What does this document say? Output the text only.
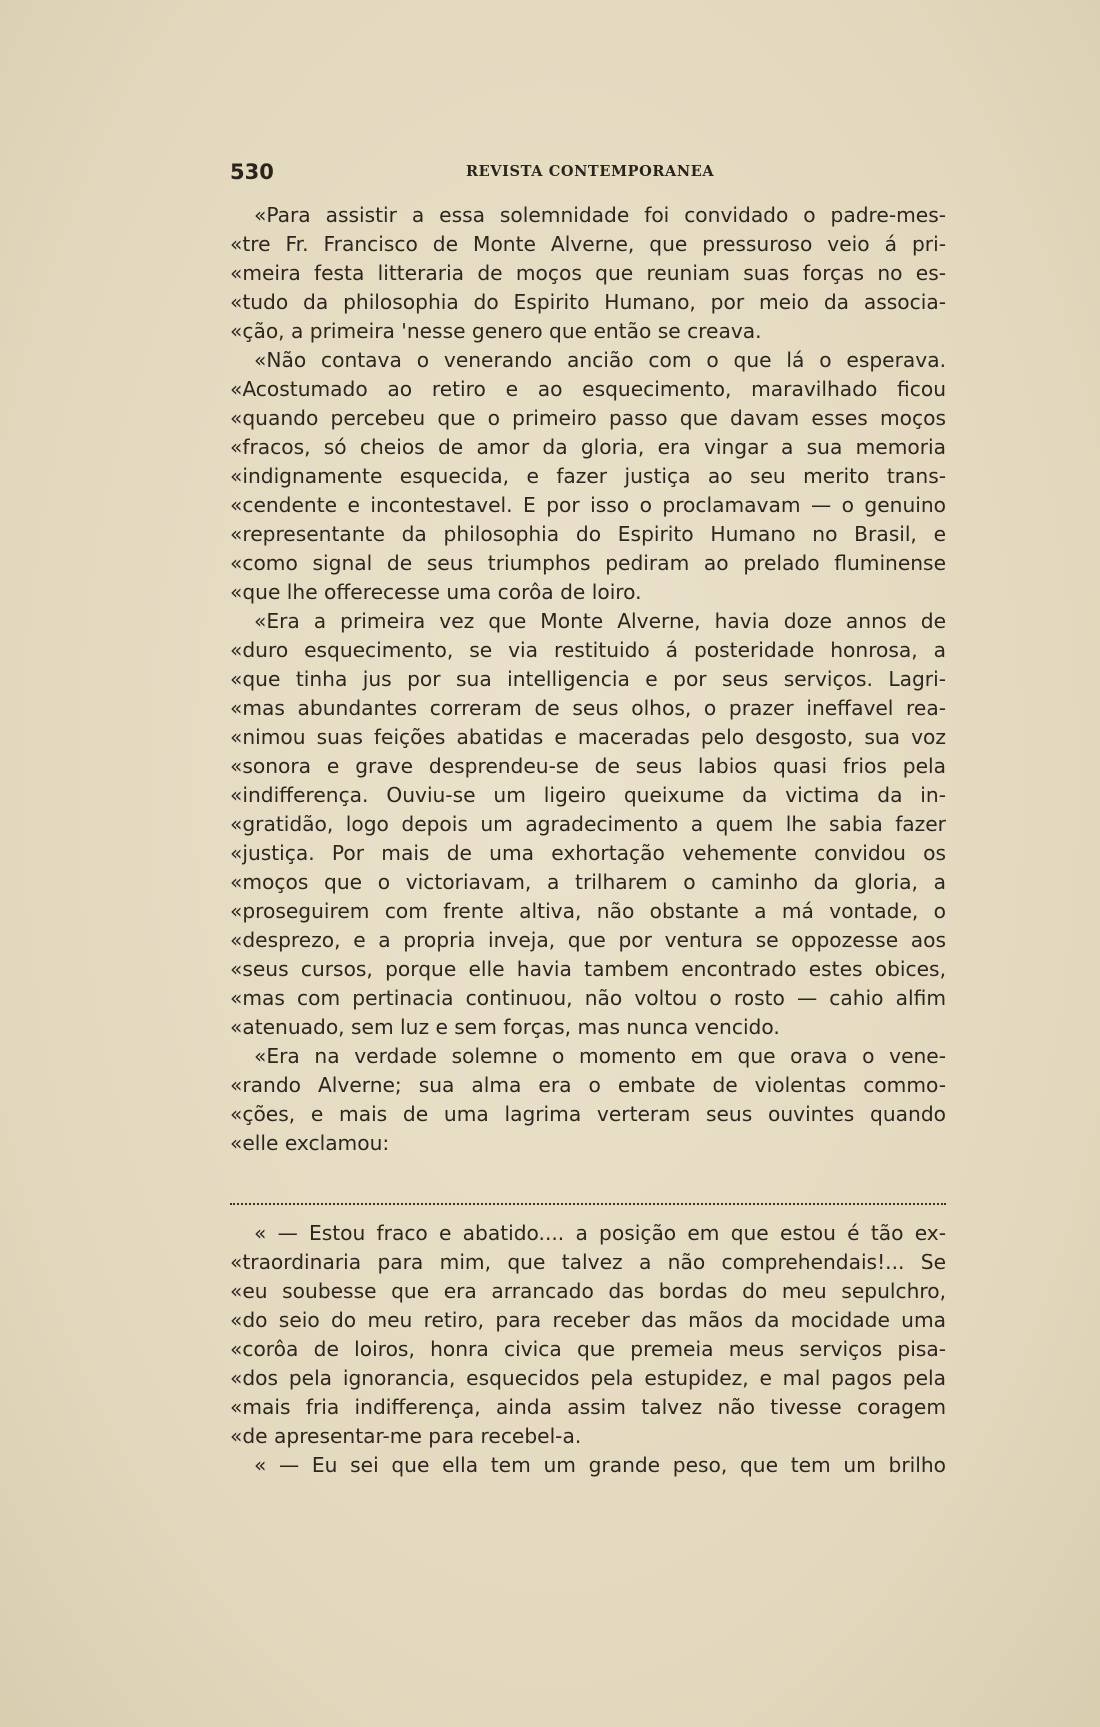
530	REVISTA CONTEMPORANEA
«Para assistir a essa solemnidade foi convidado o padre-mes-
«tre Fr. Francisco de Monte Alverne, que pressuroso veio á pri-
«meira festa litteraria de moços que reuniam suas forças no es-
«tudo da philosophia do Espirito Humano, por meio da associa-
«ção, a primeira 'nesse genero que então se creava.
«Não contava o venerando ancião com o que lá o esperava.
«Acostumado ao retiro e ao esquecimento, maravilhado ficou
«quando percebeu que o primeiro passo que davam esses moços
«fracos, só cheios de amor da gloria, era vingar a sua memoria
«indignamente esquecida, e fazer justiça ao seu merito trans-
«cendente e incontestavel. E por isso o proclamavam — o genuino
«representante da philosophia do Espirito Humano no Brasil, e
«como signal de seus triumphos pediram ao prelado fluminense
«que lhe offerecesse uma corôa de loiro.
«Era a primeira vez que Monte Alverne, havia doze annos de
«duro esquecimento, se via restituido á posteridade honrosa, a
«que tinha jus por sua intelligencia e por seus serviços. Lagri-
«mas abundantes correram de seus olhos, o prazer ineffavel rea-
«nimou suas feições abatidas e maceradas pelo desgosto, sua voz
«sonora e grave desprendeu-se de seus labios quasi frios pela
«indifferença. Ouviu-se um ligeiro queixume da victima da in-
«gratidão, logo depois um agradecimento a quem lhe sabia fazer
«justiça. Por mais de uma exhortação vehemente convidou os
«moços que o victoriavam, a trilharem o caminho da gloria, a
«proseguirem com frente altiva, não obstante a má vontade, o
«desprezo, e a propria inveja, que por ventura se oppozesse aos
«seus cursos, porque elle havia tambem encontrado estes obices,
«mas com pertinacia continuou, não voltou o rosto — cahio alfim
«atenuado, sem luz e sem forças, mas nunca vencido.
«Era na verdade solemne o momento em que orava o vene-
«rando Alverne; sua alma era o embate de violentas commo-
«ções, e mais de uma lagrima verteram seus ouvintes quando
«elle exclamou:
« — Estou fraco e abatido.... a posição em que estou é tão ex-
«traordinaria para mim, que talvez a não comprehendais!... Se
«eu soubesse que era arrancado das bordas do meu sepulchro,
«do seio do meu retiro, para receber das mãos da mocidade uma
«corôa de loiros, honra civica que premeia meus serviços pisa-
«dos pela ignorancia, esquecidos pela estupidez, e mal pagos pela
«mais fria indifferença, ainda assim talvez não tivesse coragem
«de apresentar-me para recebel-a.
« — Eu sei que ella tem um grande peso, que tem um brilho
